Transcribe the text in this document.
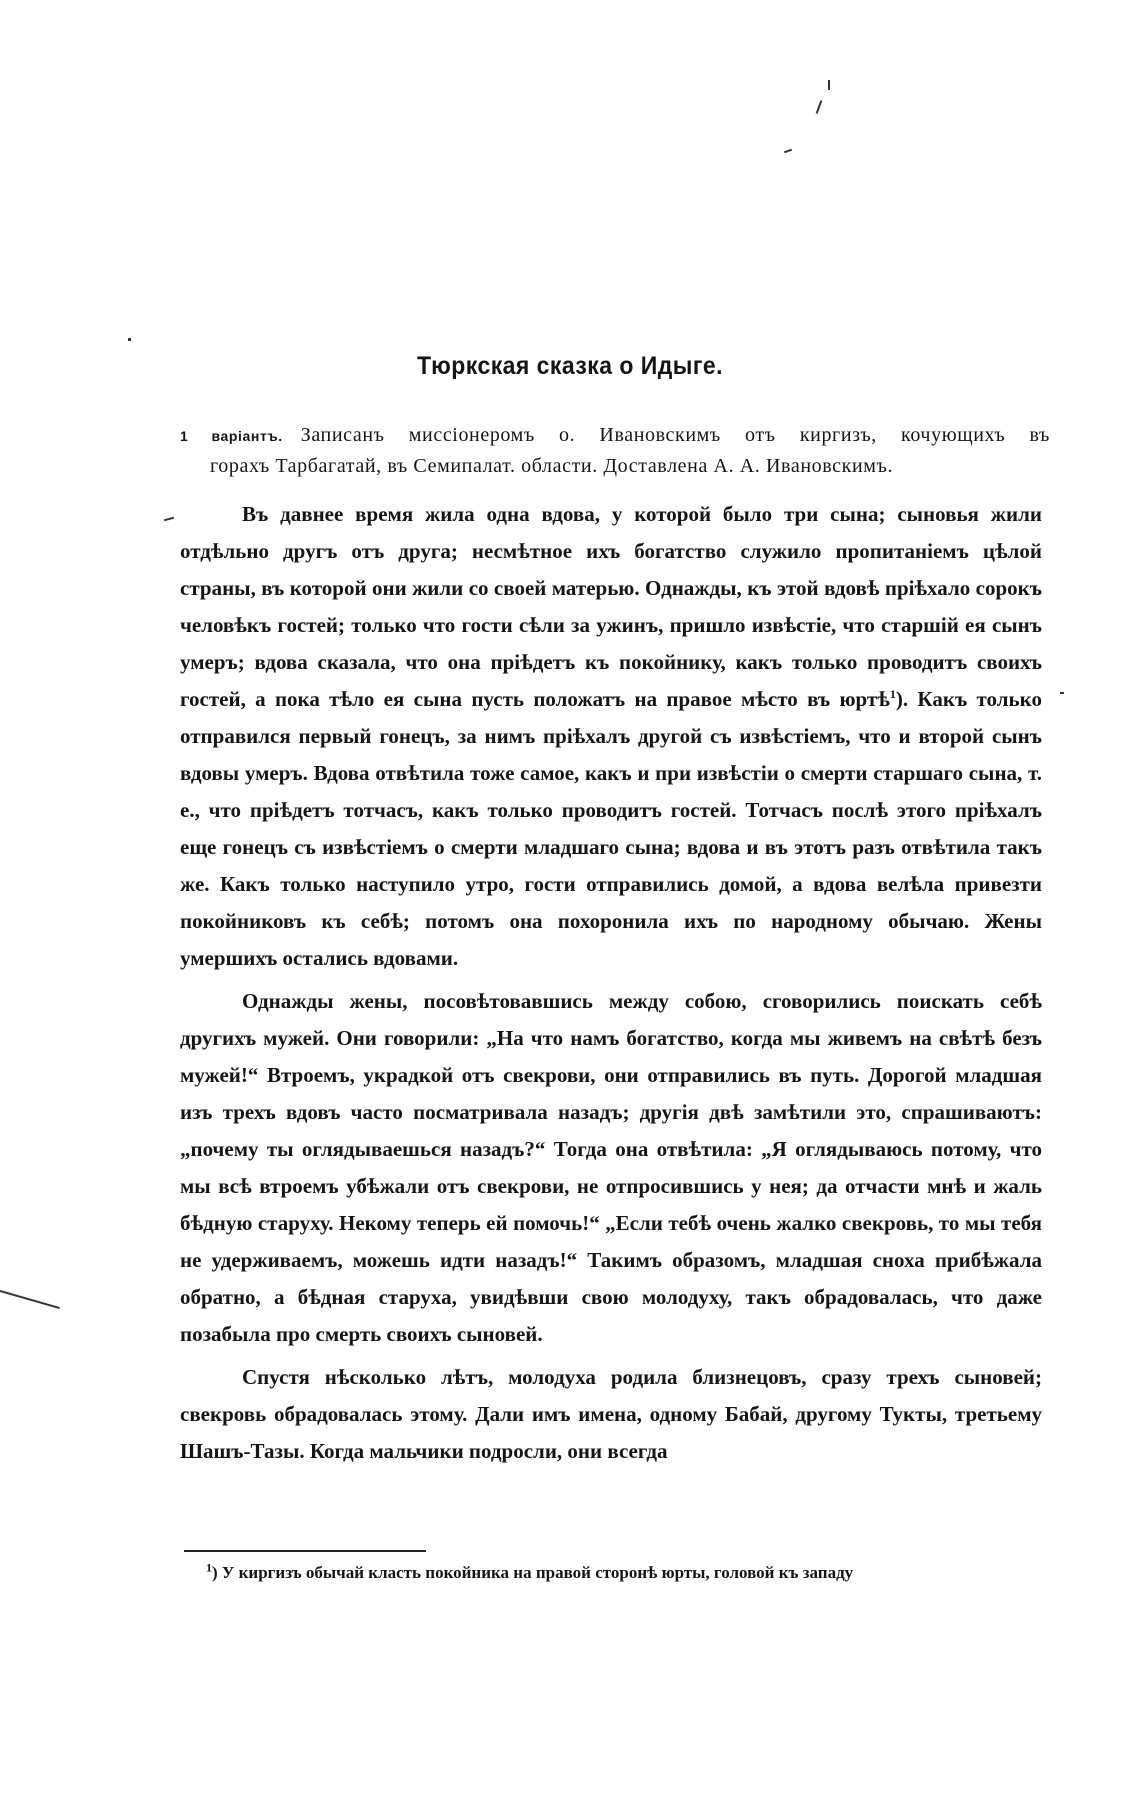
Тюркская сказка о Идыге.
1 варіантъ. Записанъ миссіонеромъ о. Ивановскимъ отъ киргизъ, кочующихъ въ
горахъ Тарбагатай, въ Семипалат. области. Доставлена А. А. Ивановскимъ.

Въ давнее время жила одна вдова, у которой было три сына; сыновья жили отдѣльно другъ отъ друга; несмѣтное ихъ богатство служило пропитаніемъ цѣлой страны, въ которой они жили со своей матерью. Однажды, къ этой вдовѣ пріѣхало сорокъ человѣкъ гостей; только что гости сѣли за ужинъ, пришло извѣстіе, что старшій ея сынъ умеръ; вдова сказала, что она пріѣдетъ къ покойнику, какъ только проводитъ своихъ гостей, а пока тѣло ея сына пусть положатъ на правое мѣсто въ юртѣ$^1$). Какъ только отправился первый гонецъ, за нимъ пріѣхалъ другой съ извѣстіемъ, что и второй сынъ вдовы умеръ. Вдова отвѣтила тоже самое, какъ и при извѣстіи о смерти старшаго сына, т. е., что пріѣдетъ тотчасъ, какъ только проводитъ гостей. Тотчасъ послѣ этого пріѣхалъ еще гонецъ съ извѣстіемъ о смерти младшаго сына; вдова и въ этотъ разъ отвѣтила такъ же. Какъ только наступило утро, гости отправились домой, а вдова велѣла привезти покойниковъ къ себѣ; потомъ она похоронила ихъ по народному обычаю. Жены умершихъ остались вдовами.

Однажды жены, посовѣтовавшись между собою, сговорились поискать себѣ другихъ мужей. Они говорили: „На что намъ богатство, когда мы живемъ на свѣтѣ безъ мужей!“ Втроемъ, украдкой отъ свекрови, они отправились въ путь. Дорогой младшая изъ трехъ вдовъ часто посматривала назадъ; другія двѣ замѣтили это, спрашиваютъ: „почему ты оглядываешься назадъ?“ Тогда она отвѣтила: „Я оглядываюсь потому, что мы всѣ втроемъ убѣжали отъ свекрови, не отпросившись у нея; да отчасти мнѣ и жаль бѣдную старуху. Некому теперь ей помочь!“ „Если тебѣ очень жалко свекровь, то мы тебя не удерживаемъ, можешь идти назадъ!“ Такимъ образомъ, младшая сноха прибѣжала обратно, а бѣдная старуха, увидѣвши свою молодуху, такъ обрадовалась, что даже позабыла про смерть своихъ сыновей.

Спустя нѣсколько лѣтъ, молодуха родила близнецовъ, сразу трехъ сыновей; свекровь обрадовалась этому. Дали имъ имена, одному Бабай, другому Тукты, третьему Шашъ-Тазы. Когда мальчики подросли, они всегда

$^1$) У киргизъ обычай класть покойника на правой сторонѣ юрты, головой къ западу
